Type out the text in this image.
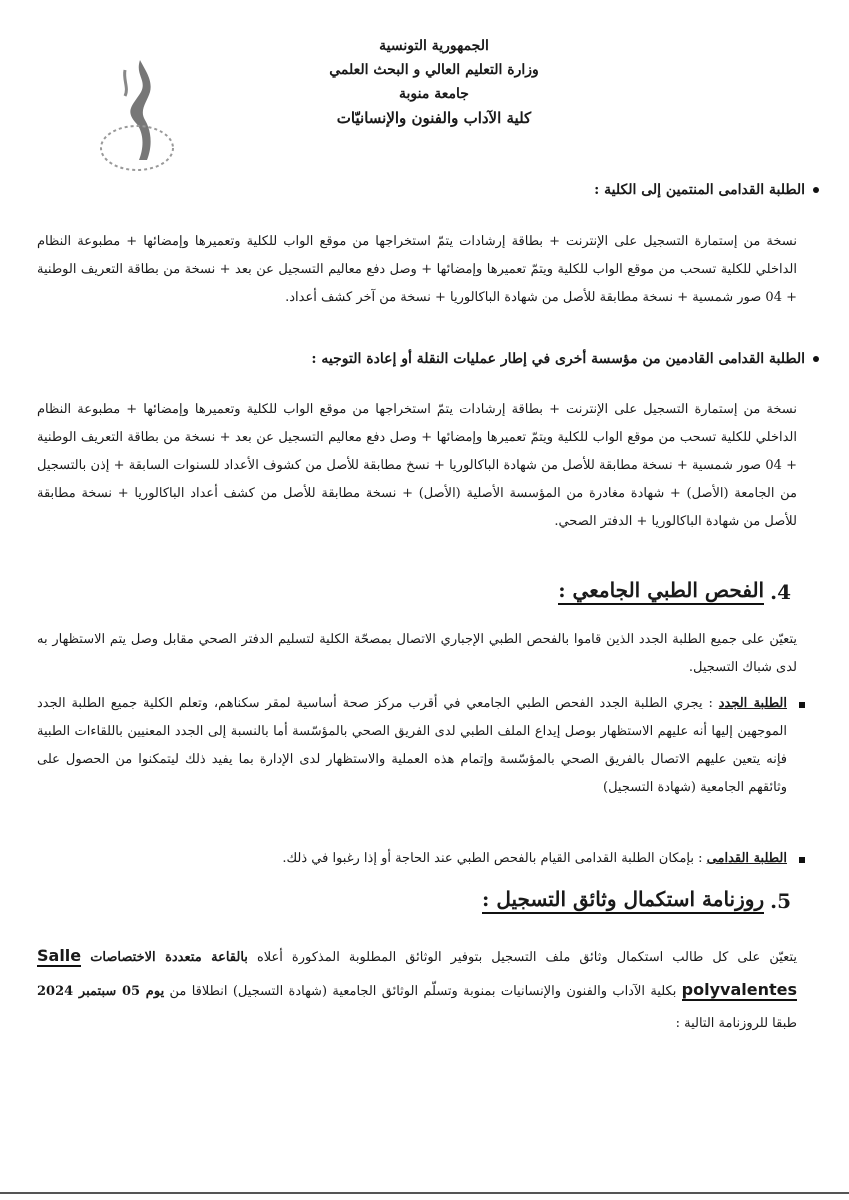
الجمهورية التونسية
وزارة التعليم العالي و البحث العلمي
جامعة منوبة
كلية الآداب والفنون والإنسانيّات
الطلبة القدامى المنتمين إلى الكلية :
نسخة من إستمارة التسجيل على الإنترنت + بطاقة إرشادات يتمّ استخراجها من موقع الواب للكلية وتعميرها وإمضائها + مطبوعة النظام الداخلي للكلية تسحب من موقع الواب للكلية ويتمّ تعميرها وإمضائها + وصل دفع معاليم التسجيل عن بعد + نسخة من بطاقة التعريف الوطنية + 04 صور شمسية + نسخة مطابقة للأصل من شهادة الباكالوريا + نسخة من آخر كشف أعداد.
الطلبة القدامى القادمين من مؤسسة أخرى في إطار عمليات النقلة أو إعادة التوجيه :
نسخة من إستمارة التسجيل على الإنترنت + بطاقة إرشادات يتمّ استخراجها من موقع الواب للكلية وتعميرها وإمضائها + مطبوعة النظام الداخلي للكلية تسحب من موقع الواب للكلية ويتمّ تعميرها وإمضائها + وصل دفع معاليم التسجيل عن بعد + نسخة من بطاقة التعريف الوطنية + 04 صور شمسية + نسخة مطابقة للأصل من شهادة الباكالوريا + نسخ مطابقة للأصل من كشوف الأعداد للسنوات السابقة + إذن بالتسجيل من الجامعة (الأصل) + شهادة مغادرة من المؤسسة الأصلية (الأصل) + نسخة مطابقة للأصل من كشف أعداد الباكالوريا + نسخة مطابقة للأصل من شهادة الباكالوريا + الدفتر الصحي.
4.
الفحص الطبي الجامعي :
يتعيّن على جميع الطلبة الجدد الذين قاموا بالفحص الطبي الإجباري الاتصال بمصحّة الكلية لتسليم الدفتر الصحي مقابل وصل يتم الاستظهار به لدى شباك التسجيل.
الطلبة الجدد : يجري الطلبة الجدد الفحص الطبي الجامعي في أقرب مركز صحة أساسية لمقر سكناهم، وتعلم الكلية جميع الطلبة الجدد الموجهين إليها أنه عليهم الاستظهار بوصل إيداع الملف الطبي لدى الفريق الصحي بالمؤسّسة أما بالنسبة إلى الجدد المعنيين باللقاءات الطبية فإنه يتعين عليهم الاتصال بالفريق الصحي بالمؤسّسة وإتمام هذه العملية والاستظهار لدى الإدارة بما يفيد ذلك ليتمكنوا من الحصول على وثائقهم الجامعية (شهادة التسجيل)
الطلبة القدامى : بإمكان الطلبة القدامى القيام بالفحص الطبي عند الحاجة أو إذا رغبوا في ذلك.
5.
روزنامة استكمال وثائق التسجيل :
يتعيّن على كل طالب استكمال وثائق ملف التسجيل بتوفير الوثائق المطلوبة المذكورة أعلاه بالقاعة متعددة الاختصاصات Salle polyvalentes بكلية الآداب والفنون والإنسانيات بمنوبة وتسلّم الوثائق الجامعية (شهادة التسجيل) انطلاقا من يوم 05 سبتمبر 2024 طبقا للروزنامة التالية :
